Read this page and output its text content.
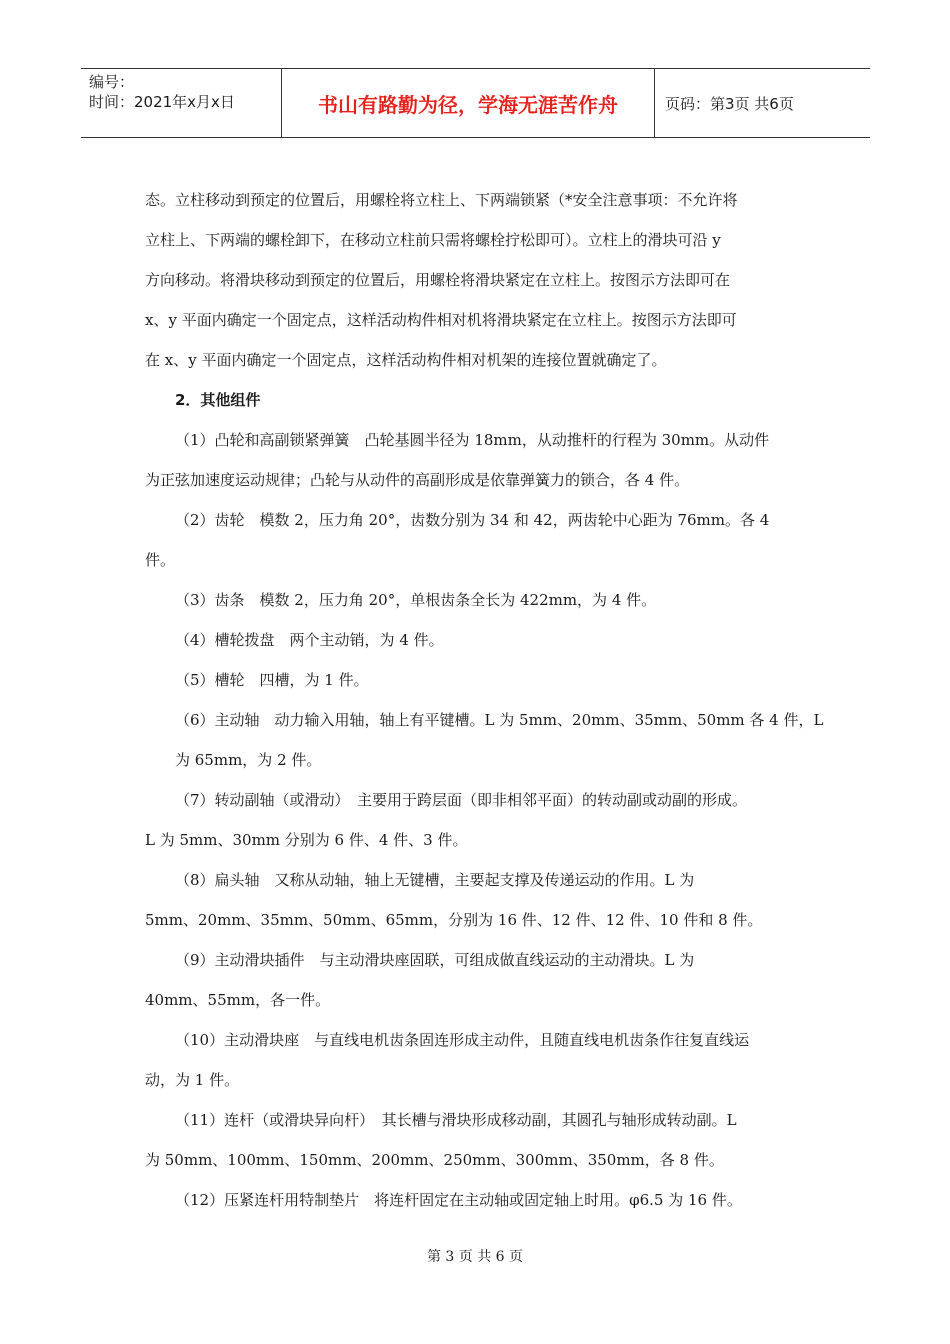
编号：
时间：2021年x月x日	书山有路勤为径，学海无涯苦作舟	页码：第3页 共6页
态。立柱移动到预定的位置后，用螺栓将立柱上、下两端锁紧（*安全注意事项：不允许将
立柱上、下两端的螺栓卸下，在移动立柱前只需将螺栓拧松即可）。立柱上的滑块可沿 y
方向移动。将滑块移动到预定的位置后，用螺栓将滑块紧定在立柱上。按图示方法即可在
x、y 平面内确定一个固定点，这样活动构件相对机将滑块紧定在立柱上。按图示方法即可
在 x、y 平面内确定一个固定点，这样活动构件相对机架的连接位置就确定了。
2．其他组件
（1）凸轮和高副锁紧弹簧　凸轮基圆半径为 18mm，从动推杆的行程为 30mm。从动件
为正弦加速度运动规律；凸轮与从动件的高副形成是依靠弹簧力的锁合，各 4 件。
（2）齿轮　模数 2，压力角 20°，齿数分别为 34 和 42，两齿轮中心距为 76mm。各 4
件。
（3）齿条　模数 2，压力角 20°，单根齿条全长为 422mm，为 4 件。
（4）槽轮拨盘　两个主动销，为 4 件。
（5）槽轮　四槽，为 1 件。
（6）主动轴　动力输入用轴，轴上有平键槽。L 为 5mm、20mm、35mm、50mm 各 4 件，L
为 65mm，为 2 件。
（7）转动副轴（或滑动）　主要用于跨层面（即非相邻平面）的转动副或动副的形成。
L 为 5mm、30mm 分别为 6 件、4 件、3 件。
（8）扁头轴　又称从动轴，轴上无键槽，主要起支撑及传递运动的作用。L 为
5mm、20mm、35mm、50mm、65mm，分别为 16 件、12 件、12 件、10 件和 8 件。
（9）主动滑块插件　与主动滑块座固联，可组成做直线运动的主动滑块。L 为
40mm、55mm，各一件。
（10）主动滑块座　与直线电机齿条固连形成主动件，且随直线电机齿条作往复直线运
动，为 1 件。
（11）连杆（或滑块异向杆）　其长槽与滑块形成移动副，其圆孔与轴形成转动副。L
为 50mm、100mm、150mm、200mm、250mm、300mm、350mm，各 8 件。
（12）压紧连杆用特制垫片　将连杆固定在主动轴或固定轴上时用。φ6.5 为 16 件。
第 3 页 共 6 页
